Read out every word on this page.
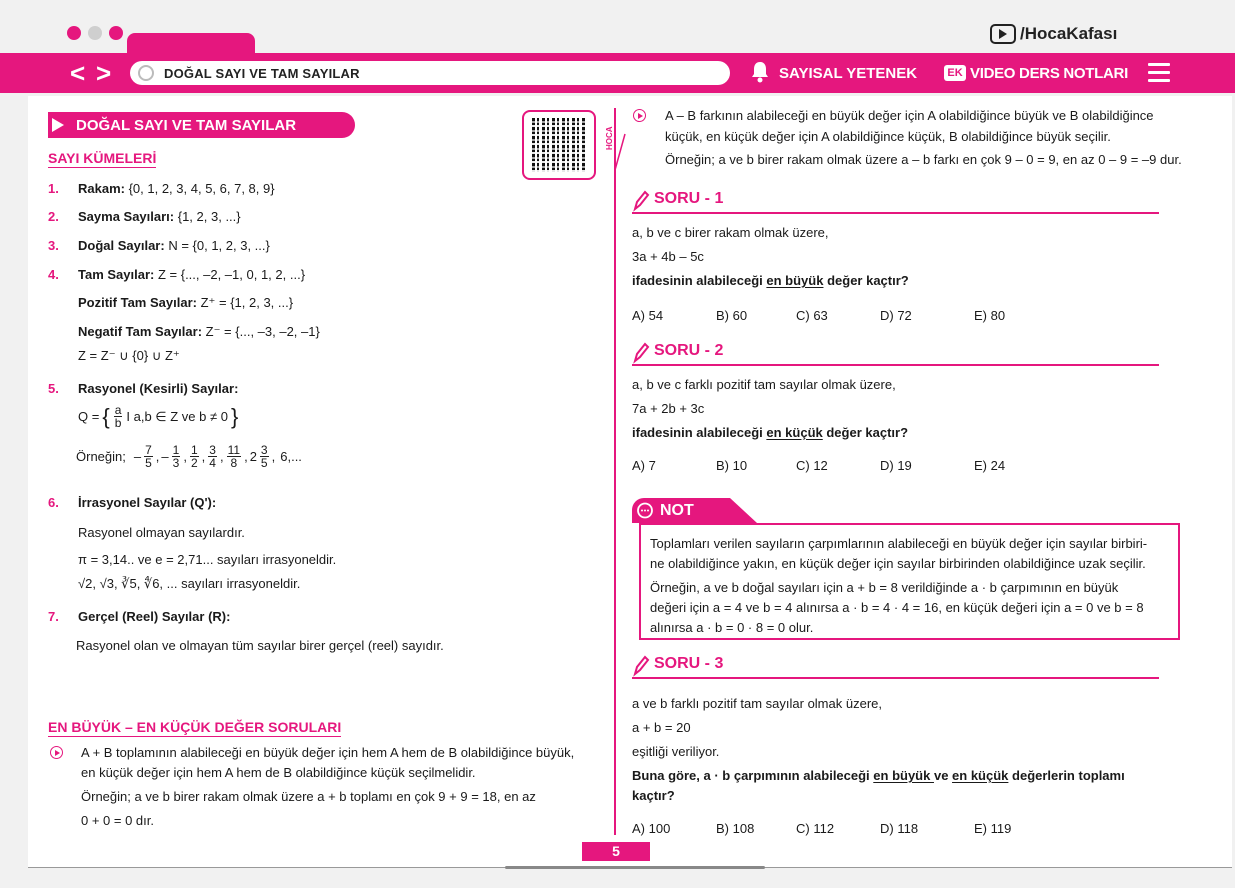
/HocaKafası
< >	DOĞAL SAYI VE TAM SAYILAR	SAYISAL YETENEK	EK VIDEO DERS NOTLARI
DOĞAL SAYI VE TAM SAYILAR
SAYI KÜMELERİ
1. Rakam: {0, 1, 2, 3, 4, 5, 6, 7, 8, 9}
2. Sayma Sayıları: {1, 2, 3, ...}
3. Doğal Sayılar: N = {0, 1, 2, 3, ...}
4. Tam Sayılar: Z = {..., –2, –1, 0, 1, 2, ...}
Pozitif Tam Sayılar: Z⁺ = {1, 2, 3, ...}
Negatif Tam Sayılar: Z⁻ = {..., –3, –2, –1}
Z = Z⁻ ∪ {0} ∪ Z⁺
5. Rasyonel (Kesirli) Sayılar:
Q = { $\frac{a}{b}$ I a,b ∈ Z ve b ≠ 0 }
Örneğin; – $\frac{7}{5}$ , – $\frac{1}{3}$ , $\frac{1}{2}$ , $\frac{3}{4}$ , $\frac{11}{8}$ , $2 \frac{3}{5}$ , 6,...
6. İrrasyonel Sayılar (Q'):
Rasyonel olmayan sayılardır.
π = 3,14.. ve e = 2,71... sayıları irrasyoneldir.
√2, √3, ∛5, ∜6, ... sayıları irrasyoneldir.
7. Gerçel (Reel) Sayılar (R):
Rasyonel olan ve olmayan tüm sayılar birer gerçel (reel) sayıdır.
EN BÜYÜK – EN KÜÇÜK DEĞER SORULARI
A + B toplamının alabileceği en büyük değer için hem A hem de B olabildiğince büyük,
en küçük değer için hem A hem de B olabildiğince küçük seçilmelidir.
Örneğin; a ve b birer rakam olmak üzere a + b toplamı en çok 9 + 9 = 18, en az
0 + 0 = 0 dır.
HOCA
A – B farkının alabileceği en büyük değer için A olabildiğince büyük ve B olabildiğince
küçük, en küçük değer için A olabildiğince küçük, B olabildiğince büyük seçilir.
Örneğin; a ve b birer rakam olmak üzere a – b farkı en çok 9 – 0 = 9, en az 0 – 9 = –9 dur.
SORU - 1
a, b ve c birer rakam olmak üzere,
3a + 4b – 5c
ifadesinin alabileceği en büyük değer kaçtır?
A) 54	B) 60	C) 63	D) 72	E) 80
SORU - 2
a, b ve c farklı pozitif tam sayılar olmak üzere,
7a + 2b + 3c
ifadesinin alabileceği en küçük değer kaçtır?
A) 7	B) 10	C) 12	D) 19	E) 24
NOT
Toplamları verilen sayıların çarpımlarının alabileceği en büyük değer için sayılar birbiri-
ne olabildiğince yakın, en küçük değer için sayılar birbirinden olabildiğince uzak seçilir.
Örneğin, a ve b doğal sayıları için a + b = 8 verildiğinde a · b çarpımının en büyük
değeri için a = 4 ve b = 4 alınırsa a · b = 4 · 4 = 16, en küçük değeri için a = 0 ve b = 8
alınırsa a · b = 0 · 8 = 0 olur.
SORU - 3
a ve b farklı pozitif tam sayılar olmak üzere,
a + b = 20
eşitliği veriliyor.
Buna göre, a · b çarpımının alabileceği en büyük ve en küçük değerlerin toplamı
kaçtır?
A) 100	B) 108	C) 112	D) 118	E) 119
5
